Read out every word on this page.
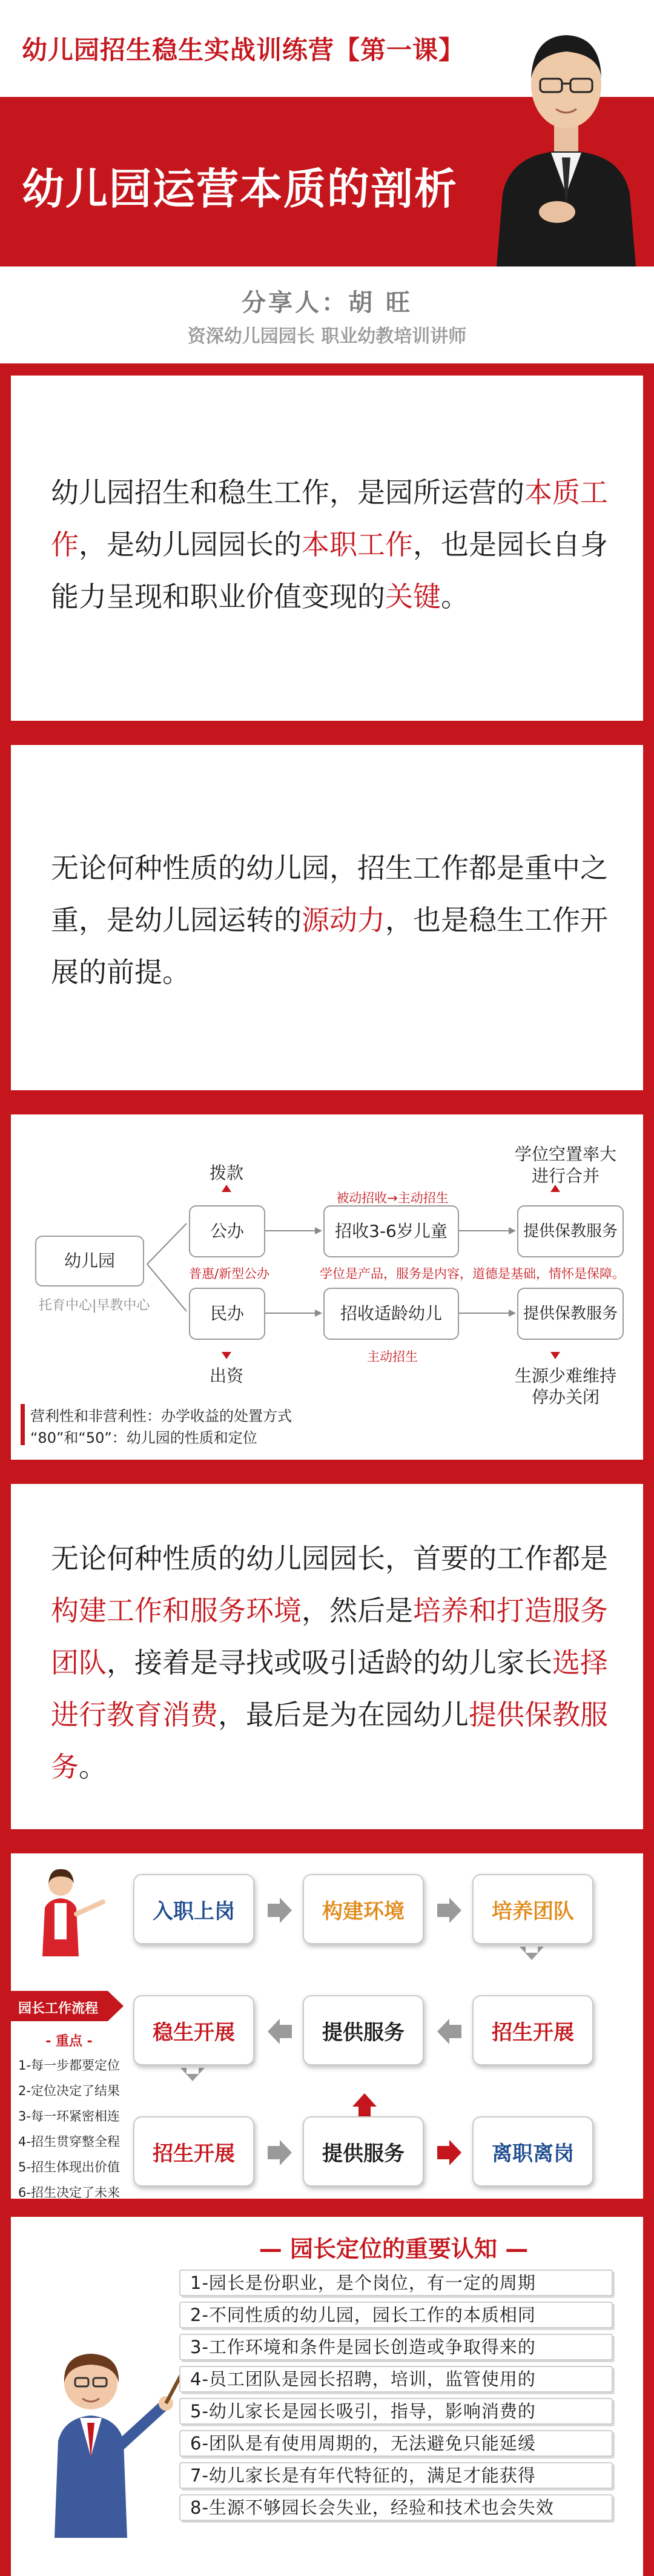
幼儿园招生稳生实战训练营【第一课】
幼儿园运营本质的剖析
分享人：胡 旺
资深幼儿园园长 职业幼教培训讲师
幼儿园招生和稳生工作，是园所运营的本质工作，是幼儿园园长的本职工作，也是园长自身能力呈现和职业价值变现的关键。
无论何种性质的幼儿园，招生工作都是重中之重，是幼儿园运转的源动力，也是稳生工作开展的前提。
幼儿园
托育中心|早教中心
拨款
公办
普惠/新型公办
民办
出资
被动招收→主动招生
招收3-6岁儿童
学位是产品，服务是内容，道德是基础，情怀是保障。
招收适龄幼儿
主动招生
学位空置率大
进行合并
提供保教服务
提供保教服务
生源少难维持
停办关闭
营利性和非营利性：办学收益的处置方式
“80”和“50”：幼儿园的性质和定位
无论何种性质的幼儿园园长，首要的工作都是构建工作和服务环境，然后是培养和打造服务团队，接着是寻找或吸引适龄的幼儿家长选择进行教育消费，最后是为在园幼儿提供保教服务。
园长工作流程
- 重点 -
1-每一步都要定位
2-定位决定了结果
3-每一环紧密相连
4-招生贯穿整全程
5-招生体现出价值
6-招生决定了未来
入职上岗	构建环境	培养团队
稳生开展	提供服务	招生开展
招生开展	提供服务	离职离岗
— 园长定位的重要认知 —
1-园长是份职业，是个岗位，有一定的周期
2-不同性质的幼儿园，园长工作的本质相同
3-工作环境和条件是园长创造或争取得来的
4-员工团队是园长招聘，培训，监管使用的
5-幼儿家长是园长吸引，指导，影响消费的
6-团队是有使用周期的，无法避免只能延缓
7-幼儿家长是有年代特征的，满足才能获得
8-生源不够园长会失业，经验和技术也会失效
